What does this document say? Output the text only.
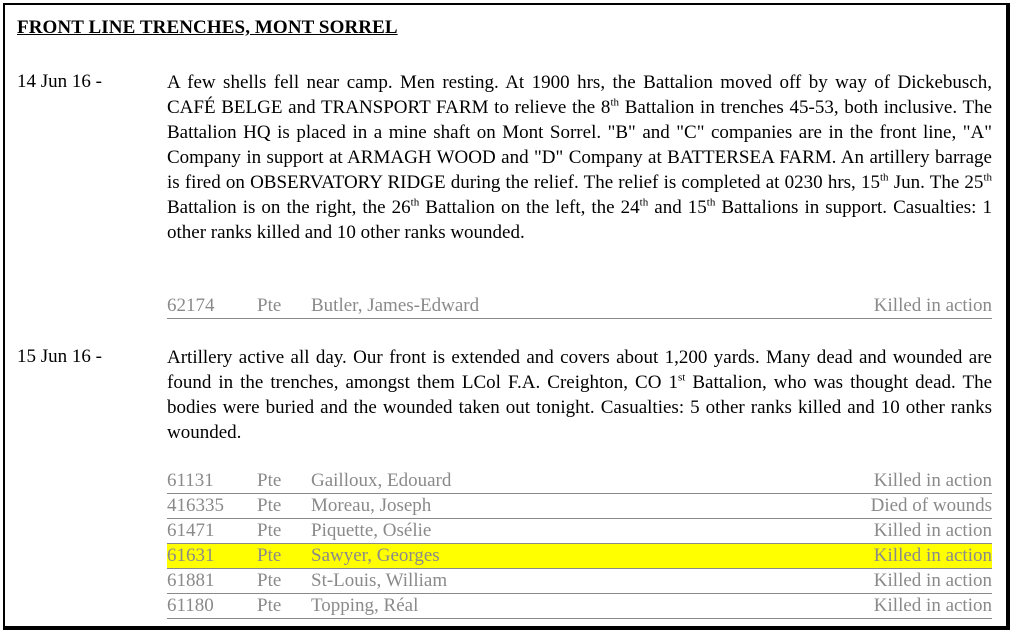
FRONT LINE TRENCHES, MONT SORREL
14 Jun 16 -	A few shells fell near camp. Men resting. At 1900 hrs, the Battalion moved off by way of Dickebusch, CAFÉ BELGE and TRANSPORT FARM to relieve the 8th Battalion in trenches 45-53, both inclusive. The Battalion HQ is placed in a mine shaft on Mont Sorrel. "B" and "C" companies are in the front line, "A" Company in support at ARMAGH WOOD and "D" Company at BATTERSEA FARM. An artillery barrage is fired on OBSERVATORY RIDGE during the relief. The relief is completed at 0230 hrs, 15th Jun. The 25th Battalion is on the right, the 26th Battalion on the left, the 24th and 15th Battalions in support. Casualties: 1 other ranks killed and 10 other ranks wounded.

62174 Pte Butler, James-Edward	Killed in action
15 Jun 16 -	Artillery active all day. Our front is extended and covers about 1,200 yards. Many dead and wounded are found in the trenches, amongst them LCol F.A. Creighton, CO 1st Battalion, who was thought dead. The bodies were buried and the wounded taken out tonight. Casualties: 5 other ranks killed and 10 other ranks wounded.

61131 Pte Gailloux, Edouard	Killed in action
416335 Pte Moreau, Joseph	Died of wounds
61471 Pte Piquette, Osélie	Killed in action
61631 Pte Sawyer, Georges	Killed in action
61881 Pte St-Louis, William	Killed in action
61180 Pte Topping, Réal	Killed in action
